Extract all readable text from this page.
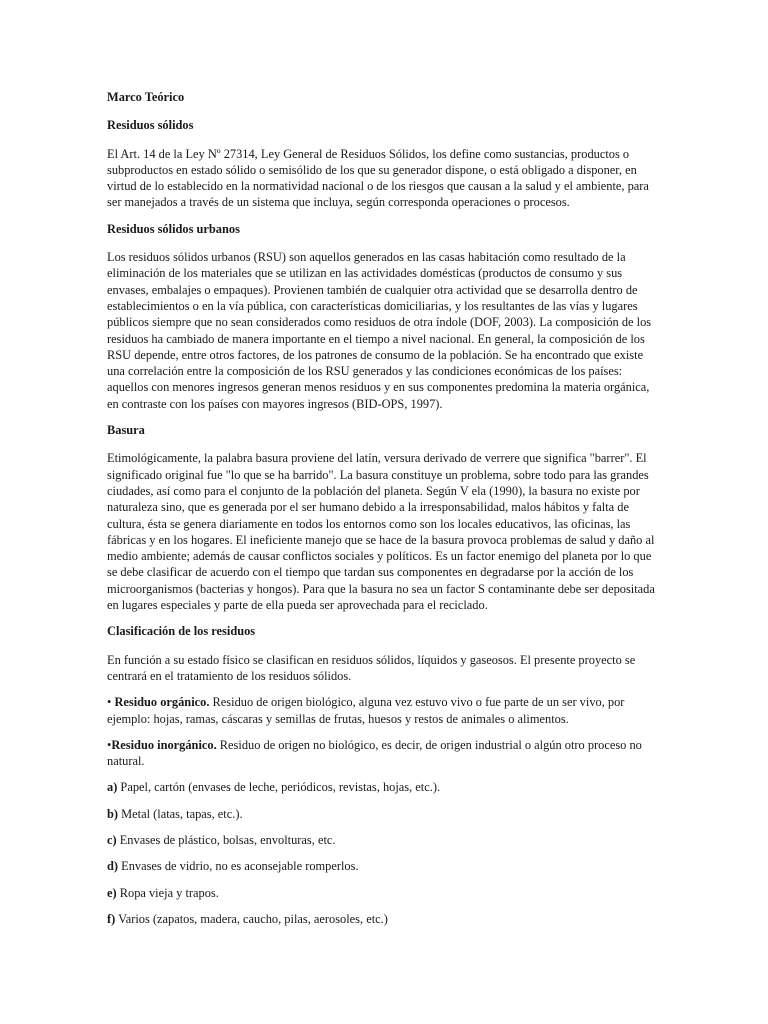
Marco Teórico
Residuos sólidos
El Art. 14 de la Ley Nº 27314, Ley General de Residuos Sólidos, los define como sustancias, productos o subproductos en estado sólido o semisólido de los que su generador dispone, o está obligado a disponer, en virtud de lo establecido en la normatividad nacional o de los riesgos que causan a la salud y el ambiente, para ser manejados a través de un sistema que incluya, según corresponda operaciones o procesos.
Residuos sólidos urbanos
Los residuos sólidos urbanos (RSU) son aquellos generados en las casas habitación como resultado de la eliminación de los materiales que se utilizan en las actividades domésticas (productos de consumo y sus envases, embalajes o empaques). Provienen también de cualquier otra actividad que se desarrolla dentro de establecimientos o en la vía pública, con características domiciliarias, y los resultantes de las vías y lugares públicos siempre que no sean considerados como residuos de otra índole (DOF, 2003). La composición de los residuos ha cambiado de manera importante en el tiempo a nivel nacional. En general, la composición de los RSU depende, entre otros factores, de los patrones de consumo de la población. Se ha encontrado que existe una correlación entre la composición de los RSU generados y las condiciones económicas de los países: aquellos con menores ingresos generan menos residuos y en sus componentes predomina la materia orgánica, en contraste con los países con mayores ingresos (BID-OPS, 1997).
Basura
Etimológicamente, la palabra basura proviene del latín, versura derivado de verrere que significa "barrer". El significado original fue "lo que se ha barrido". La basura constituye un problema, sobre todo para las grandes ciudades, así como para el conjunto de la población del planeta. Según V ela (1990), la basura no existe por naturaleza sino, que es generada por el ser humano debido a la irresponsabilidad, malos hábitos y falta de cultura, ésta se genera diariamente en todos los entornos como son los locales educativos, las oficinas, las fábricas y en los hogares. El ineficiente manejo que se hace de la basura provoca problemas de salud y daño al medio ambiente; además de causar conflictos sociales y políticos. Es un factor enemigo del planeta por lo que se debe clasificar de acuerdo con el tiempo que tardan sus componentes en degradarse por la acción de los microorganismos (bacterias y hongos). Para que la basura no sea un factor S contaminante debe ser depositada en lugares especiales y parte de ella pueda ser aprovechada para el reciclado.
Clasificación de los residuos
En función a su estado físico se clasifican en residuos sólidos, líquidos y gaseosos. El presente proyecto se centrará en el tratamiento de los residuos sólidos.
• Residuo orgánico. Residuo de origen biológico, alguna vez estuvo vivo o fue parte de un ser vivo, por ejemplo: hojas, ramas, cáscaras y semillas de frutas, huesos y restos de animales o alimentos.
•Residuo inorgánico. Residuo de origen no biológico, es decir, de origen industrial o algún otro proceso no natural.
a) Papel, cartón (envases de leche, periódicos, revistas, hojas, etc.).
b) Metal (latas, tapas, etc.).
c) Envases de plástico, bolsas, envolturas, etc.
d) Envases de vidrio, no es aconsejable romperlos.
e) Ropa vieja y trapos.
f) Varios (zapatos, madera, caucho, pilas, aerosoles, etc.)
